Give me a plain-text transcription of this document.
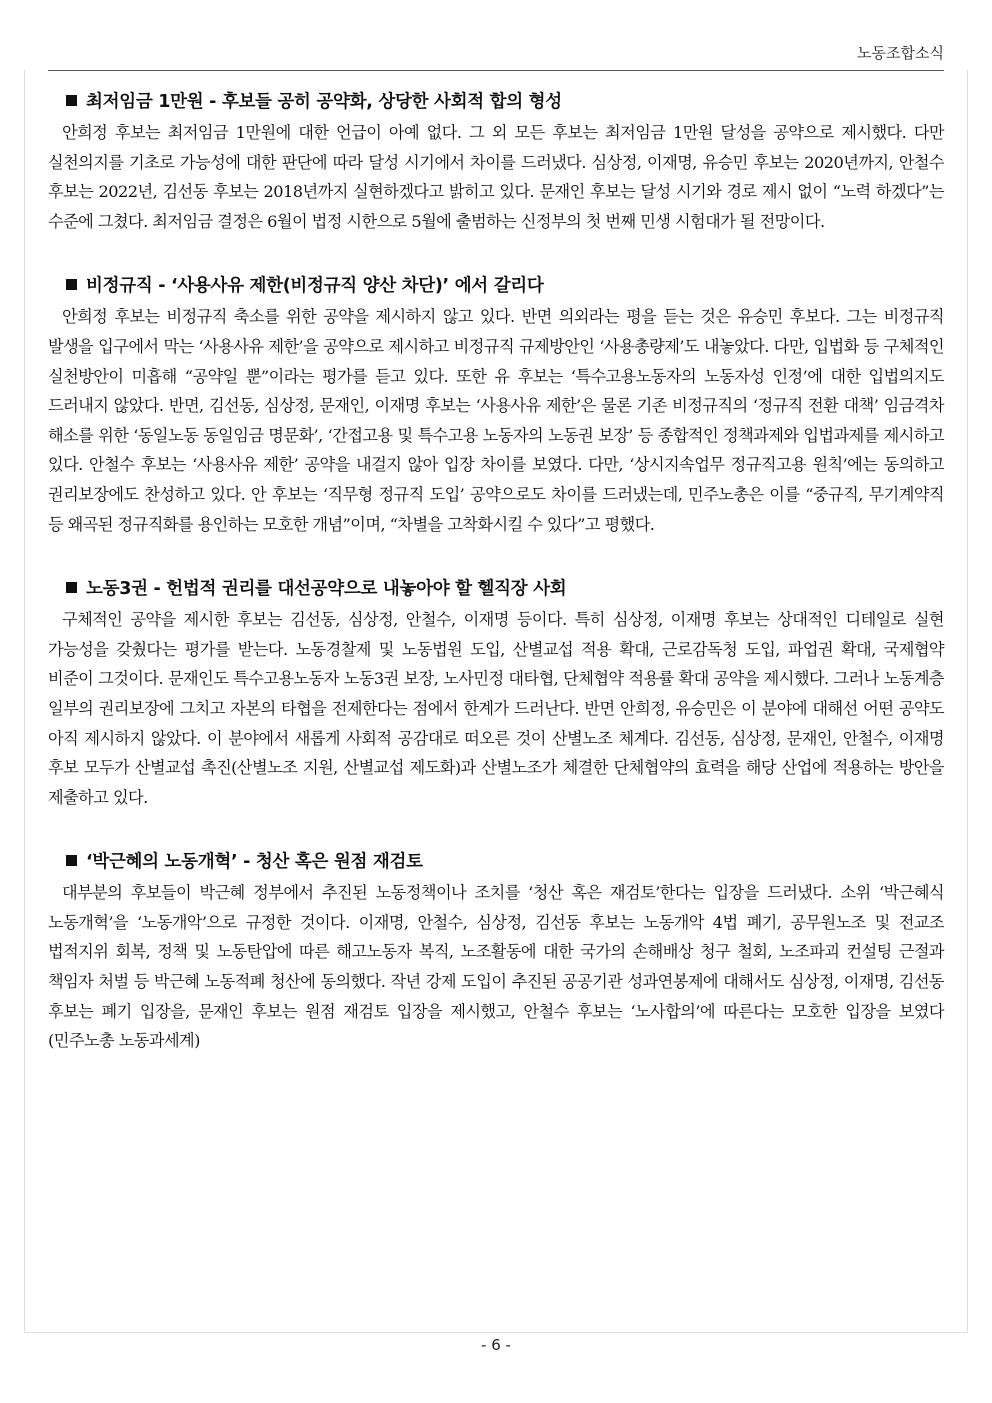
노동조합소식
최저임금 1만원 - 후보들 공히 공약화, 상당한 사회적 합의 형성

안희정 후보는 최저임금 1만원에 대한 언급이 아예 없다. 그 외 모든 후보는 최저임금 1만원 달성을 공약으로 제시했다. 다만 실천의지를 기초로 가능성에 대한 판단에 따라 달성 시기에서 차이를 드러냈다. 심상정, 이재명, 유승민 후보는 2020년까지, 안철수 후보는 2022년, 김선동 후보는 2018년까지 실현하겠다고 밝히고 있다. 문재인 후보는 달성 시기와 경로 제시 없이 “노력 하겠다”는 수준에 그쳤다. 최저임금 결정은 6월이 법정 시한으로 5월에 출범하는 신정부의 첫 번째 민생 시험대가 될 전망이다.

비정규직 - ‘사용사유 제한(비정규직 양산 차단)’ 에서 갈리다

안희정 후보는 비정규직 축소를 위한 공약을 제시하지 않고 있다. 반면 의외라는 평을 듣는 것은 유승민 후보다. 그는 비정규직 발생을 입구에서 막는 ‘사용사유 제한’을 공약으로 제시하고 비정규직 규제방안인 ‘사용총량제’도 내놓았다. 다만, 입법화 등 구체적인 실천방안이 미흡해 “공약일 뿐”이라는 평가를 듣고 있다. 또한 유 후보는 ‘특수고용노동자의 노동자성 인정’에 대한 입법의지도 드러내지 않았다. 반면, 김선동, 심상정, 문재인, 이재명 후보는 ‘사용사유 제한’은 물론 기존 비정규직의 ‘정규직 전환 대책’ 임금격차 해소를 위한 ‘동일노동 동일임금 명문화’, ‘간접고용 및 특수고용 노동자의 노동권 보장’ 등 종합적인 정책과제와 입법과제를 제시하고 있다. 안철수 후보는 ‘사용사유 제한’ 공약을 내걸지 않아 입장 차이를 보였다. 다만, ‘상시지속업무 정규직고용 원칙’에는 동의하고 권리보장에도 찬성하고 있다. 안 후보는 ‘직무형 정규직 도입’ 공약으로도 차이를 드러냈는데, 민주노총은 이를 “중규직, 무기계약직 등 왜곡된 정규직화를 용인하는 모호한 개념”이며, “차별을 고착화시킬 수 있다”고 평했다.

노동3권 - 헌법적 권리를 대선공약으로 내놓아야 할 헬직장 사회

구체적인 공약을 제시한 후보는 김선동, 심상정, 안철수, 이재명 등이다. 특히 심상정, 이재명 후보는 상대적인 디테일로 실현 가능성을 갖췄다는 평가를 받는다. 노동경찰제 및 노동법원 도입, 산별교섭 적용 확대, 근로감독청 도입, 파업권 확대, 국제협약 비준이 그것이다. 문재인도 특수고용노동자 노동3권 보장, 노사민정 대타협, 단체협약 적용률 확대 공약을 제시했다. 그러나 노동계층 일부의 권리보장에 그치고 자본의 타협을 전제한다는 점에서 한계가 드러난다. 반면 안희정, 유승민은 이 분야에 대해선 어떤 공약도 아직 제시하지 않았다. 이 분야에서 새롭게 사회적 공감대로 떠오른 것이 산별노조 체계다. 김선동, 심상정, 문재인, 안철수, 이재명 후보 모두가 산별교섭 촉진(산별노조 지원, 산별교섭 제도화)과 산별노조가 체결한 단체협약의 효력을 해당 산업에 적용하는 방안을 제출하고 있다.

‘박근혜의 노동개혁’ - 청산 혹은 원점 재검토

대부분의 후보들이 박근혜 정부에서 추진된 노동정책이나 조치를 ‘청산 혹은 재검토’한다는 입장을 드러냈다. 소위 ‘박근혜식 노동개혁’을 ‘노동개악’으로 규정한 것이다. 이재명, 안철수, 심상정, 김선동 후보는 노동개악 4법 폐기, 공무원노조 및 전교조 법적지위 회복, 정책 및 노동탄압에 따른 해고노동자 복직, 노조활동에 대한 국가의 손해배상 청구 철회, 노조파괴 컨설팅 근절과 책임자 처벌 등 박근혜 노동적폐 청산에 동의했다. 작년 강제 도입이 추진된 공공기관 성과연봉제에 대해서도 심상정, 이재명, 김선동 후보는 폐기 입장을, 문재인 후보는 원점 재검토 입장을 제시했고, 안철수 후보는 ‘노사합의’에 따른다는 모호한 입장을 보였다(민주노총 노동과세계)

- 6 -
